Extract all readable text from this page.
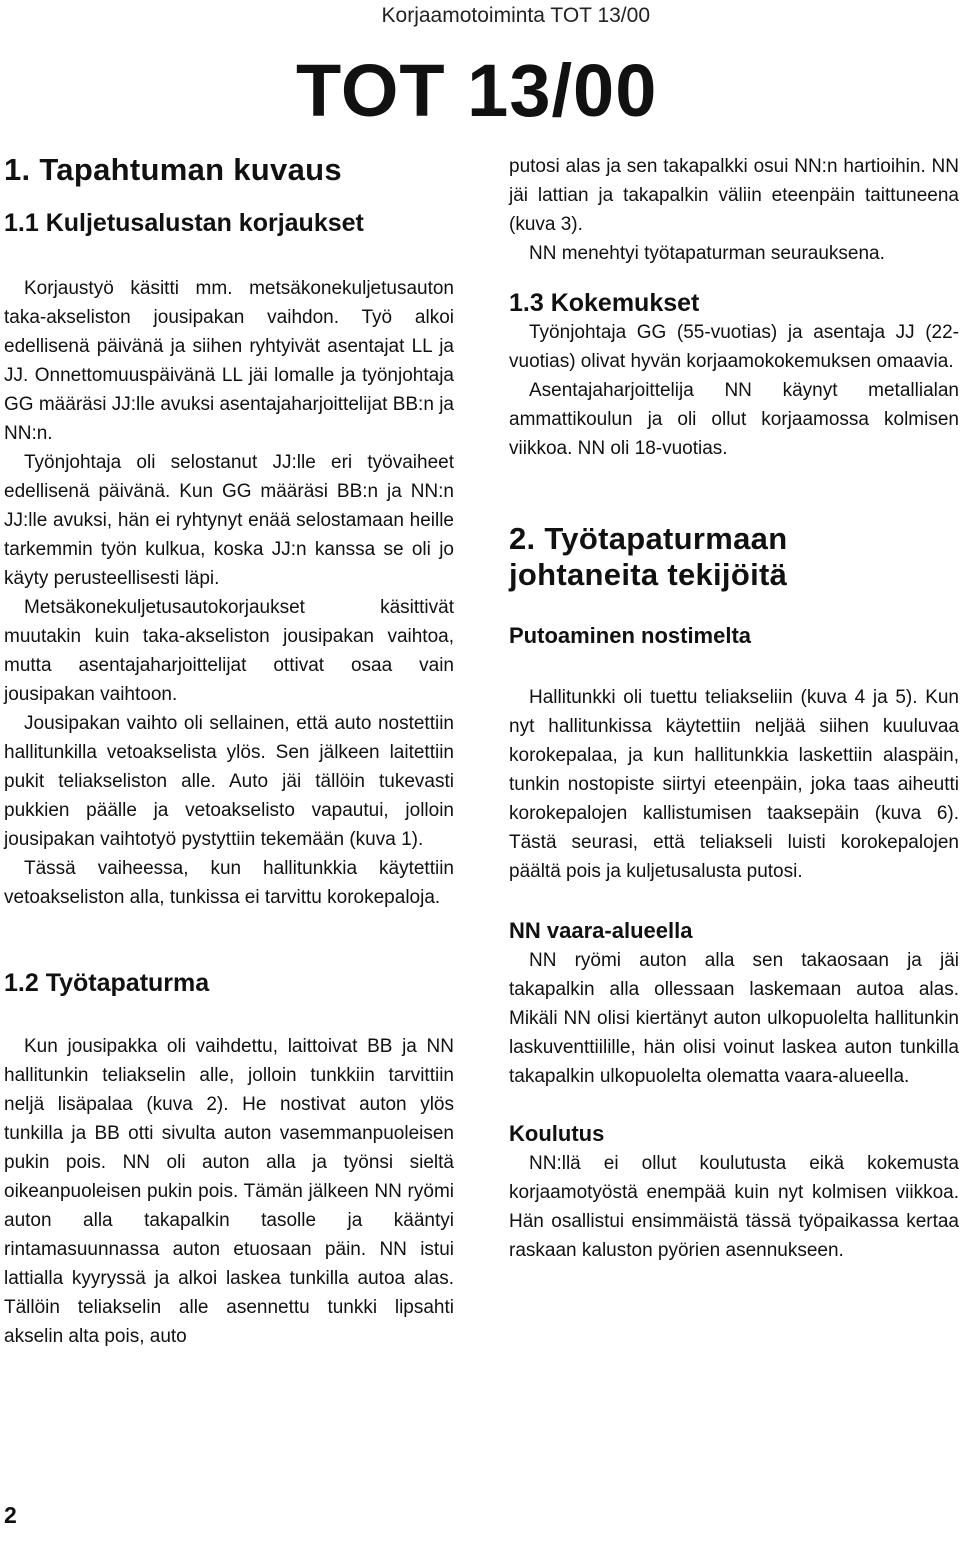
Korjaamotoiminta TOT 13/00
TOT 13/00
1. Tapahtuman kuvaus
1.1 Kuljetusalustan korjaukset

Korjaustyö käsitti mm. metsäkonekuljetusauton taka-akseliston jousipakan vaihdon. Työ alkoi edellisenä päivänä ja siihen ryhtyivät asentajat LL ja JJ. Onnettomuuspäivänä LL jäi lomalle ja työnjohtaja GG määräsi JJ:lle avuksi asentajaharjoittelijat BB:n ja NN:n.

Työnjohtaja oli selostanut JJ:lle eri työvaiheet edellisenä päivänä. Kun GG määräsi BB:n ja NN:n JJ:lle avuksi, hän ei ryhtynyt enää selostamaan heille tarkemmin työn kulkua, koska JJ:n kanssa se oli jo käyty perusteellisesti läpi.

Metsäkonekuljetusautokorjaukset käsittivät muutakin kuin taka-akseliston jousipakan vaihtoa, mutta asentajaharjoittelijat ottivat osaa vain jousipakan vaihtoon.

Jousipakan vaihto oli sellainen, että auto nostettiin hallitunkilla vetoakselista ylös. Sen jälkeen laitettiin pukit teliakseliston alle. Auto jäi tällöin tukevasti pukkien päälle ja vetoakselisto vapautui, jolloin jousipakan vaihtotyö pystyttiin tekemään (kuva 1).

Tässä vaiheessa, kun hallitunkkia käytettiin vetoakseliston alla, tunkissa ei tarvittu korokepaloja.

1.2 Työtapaturma

Kun jousipakka oli vaihdettu, laittoivat BB ja NN hallitunkin teliakselin alle, jolloin tunkkiin tarvittiin neljä lisäpalaa (kuva 2). He nostivat auton ylös tunkilla ja BB otti sivulta auton vasemmanpuoleisen pukin pois. NN oli auton alla ja työnsi sieltä oikeanpuoleisen pukin pois. Tämän jälkeen NN ryömi auton alla takapalkin tasolle ja kääntyi rintamasuunnassa auton etuosaan päin. NN istui lattialla kyyryssä ja alkoi laskea tunkilla autoa alas. Tällöin teliakselin alle asennettu tunkki lipsahti akselin alta pois, auto

putosi alas ja sen takapalkki osui NN:n hartioihin. NN jäi lattian ja takapalkin väliin eteenpäin taittuneena (kuva 3).

NN menehtyi työtapaturman seurauksena.

1.3 Kokemukset

Työnjohtaja GG (55-vuotias) ja asentaja JJ (22-vuotias) olivat hyvän korjaamokokemuksen omaavia.

Asentajaharjoittelija NN käynyt metallialan ammattikoulun ja oli ollut korjaamossa kolmisen viikkoa. NN oli 18-vuotias.

2. Työtapaturmaan johtaneita tekijöitä
Putoaminen nostimelta

Hallitunkki oli tuettu teliakseliin (kuva 4 ja 5). Kun nyt hallitunkissa käytettiin neljää siihen kuuluvaa korokepalaa, ja kun hallitunkkia laskettiin alaspäin, tunkin nostopiste siirtyi eteenpäin, joka taas aiheutti korokepalojen kallistumisen taaksepäin (kuva 6). Tästä seurasi, että teliakseli luisti korokepalojen päältä pois ja kuljetusalusta putosi.

NN vaara-alueella

NN ryömi auton alla sen takaosaan ja jäi takapalkin alla ollessaan laskemaan autoa alas. Mikäli NN olisi kiertänyt auton ulkopuolelta hallitunkin laskuventtiilille, hän olisi voinut laskea auton tunkilla takapalkin ulkopuolelta olematta vaara-alueella.

Koulutus

NN:llä ei ollut koulutusta eikä kokemusta korjaamotyöstä enempää kuin nyt kolmisen viikkoa. Hän osallistui ensimmäistä tässä työpaikassa kertaa raskaan kaluston pyörien asennukseen.

2
